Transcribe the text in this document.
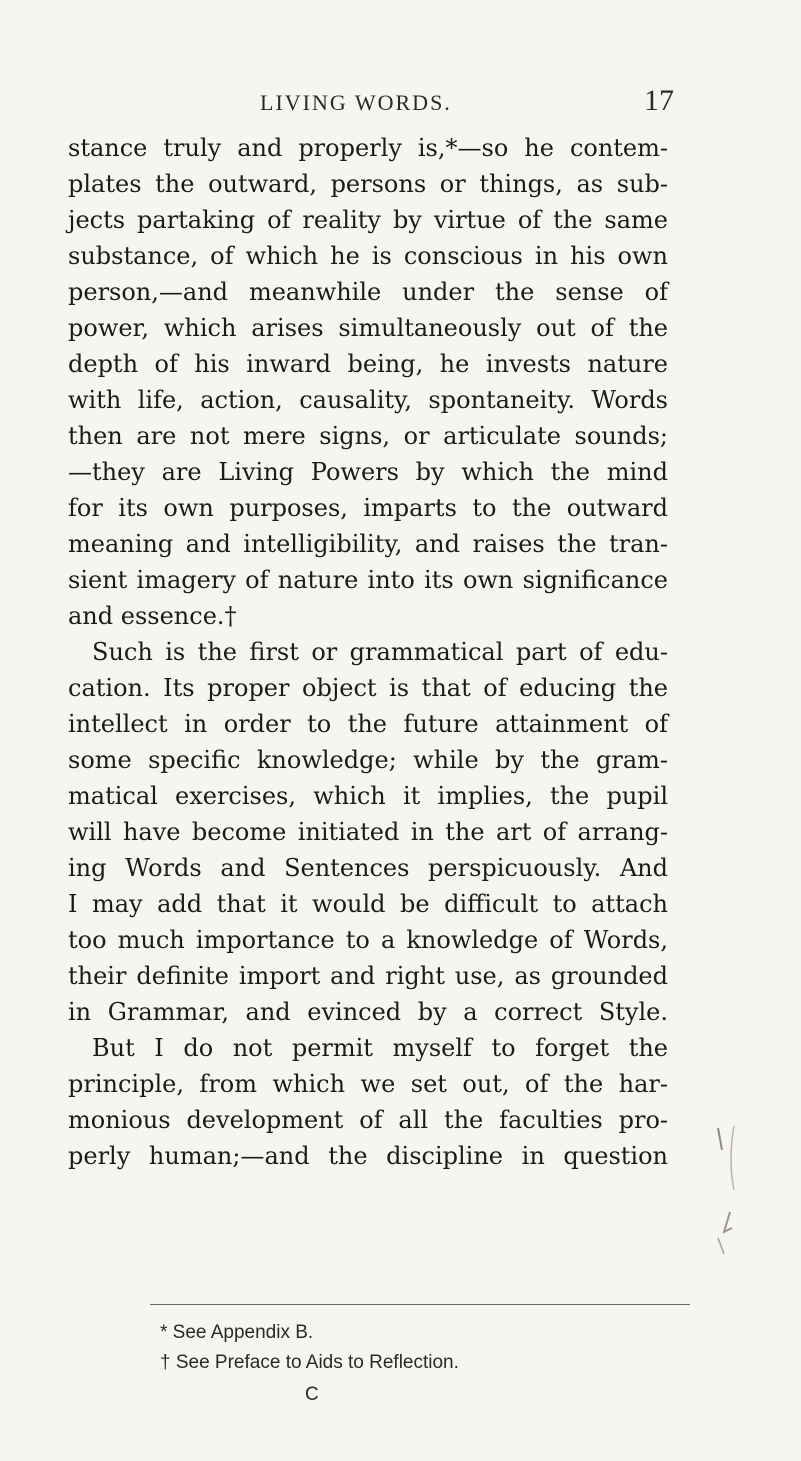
LIVING WORDS.	17
stance truly and properly is,*—so he contem-
plates the outward, persons or things, as sub-
jects partaking of reality by virtue of the same
substance, of which he is conscious in his own
person,—and meanwhile under the sense of
power, which arises simultaneously out of the
depth of his inward being, he invests nature
with life, action, causality, spontaneity. Words
then are not mere signs, or articulate sounds;
—they are Living Powers by which the mind
for its own purposes, imparts to the outward
meaning and intelligibility, and raises the tran-
sient imagery of nature into its own significance
and essence.†
Such is the first or grammatical part of edu-
cation. Its proper object is that of educing the
intellect in order to the future attainment of
some specific knowledge; while by the gram-
matical exercises, which it implies, the pupil
will have become initiated in the art of arrang-
ing Words and Sentences perspicuously. And
I may add that it would be difficult to attach
too much importance to a knowledge of Words,
their definite import and right use, as grounded
in Grammar, and evinced by a correct Style.
But I do not permit myself to forget the
principle, from which we set out, of the har-
monious development of all the faculties pro-
perly human;—and the discipline in question
* See Appendix B.
† See Preface to Aids to Reflection.
C
